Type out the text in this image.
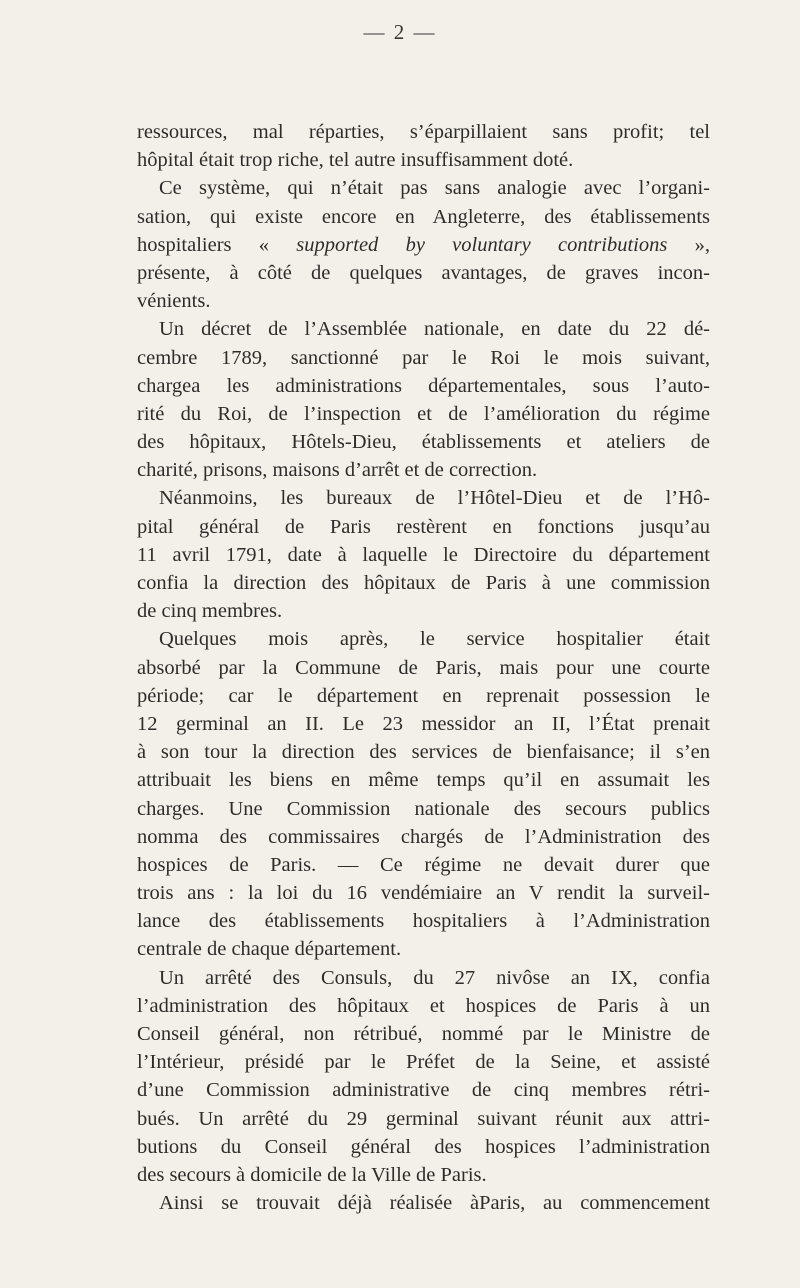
— 2 —
ressources, mal réparties, s’éparpillaient sans profit; tel
hôpital était trop riche, tel autre insuffisamment doté.
Ce système, qui n’était pas sans analogie avec l’organi-
sation, qui existe encore en Angleterre, des établissements
hospitaliers « supported by voluntary contributions »,
présente, à côté de quelques avantages, de graves incon-
vénients.
Un décret de l’Assemblée nationale, en date du 22 dé-
cembre 1789, sanctionné par le Roi le mois suivant,
chargea les administrations départementales, sous l’auto-
rité du Roi, de l’inspection et de l’amélioration du régime
des hôpitaux, Hôtels-Dieu, établissements et ateliers de
charité, prisons, maisons d’arrêt et de correction.
Néanmoins, les bureaux de l’Hôtel-Dieu et de l’Hô-
pital général de Paris restèrent en fonctions jusqu’au
11 avril 1791, date à laquelle le Directoire du département
confia la direction des hôpitaux de Paris à une commission
de cinq membres.
Quelques mois après, le service hospitalier était
absorbé par la Commune de Paris, mais pour une courte
période; car le département en reprenait possession le
12 germinal an II. Le 23 messidor an II, l’État prenait
à son tour la direction des services de bienfaisance; il s’en
attribuait les biens en même temps qu’il en assumait les
charges. Une Commission nationale des secours publics
nomma des commissaires chargés de l’Administration des
hospices de Paris. — Ce régime ne devait durer que
trois ans : la loi du 16 vendémiaire an V rendit la surveil-
lance des établissements hospitaliers à l’Administration
centrale de chaque département.
Un arrêté des Consuls, du 27 nivôse an IX, confia
l’administration des hôpitaux et hospices de Paris à un
Conseil général, non rétribué, nommé par le Ministre de
l’Intérieur, présidé par le Préfet de la Seine, et assisté
d’une Commission administrative de cinq membres rétri-
bués. Un arrêté du 29 germinal suivant réunit aux attri-
butions du Conseil général des hospices l’administration
des secours à domicile de la Ville de Paris.
Ainsi se trouvait déjà réalisée àParis, au commencement
